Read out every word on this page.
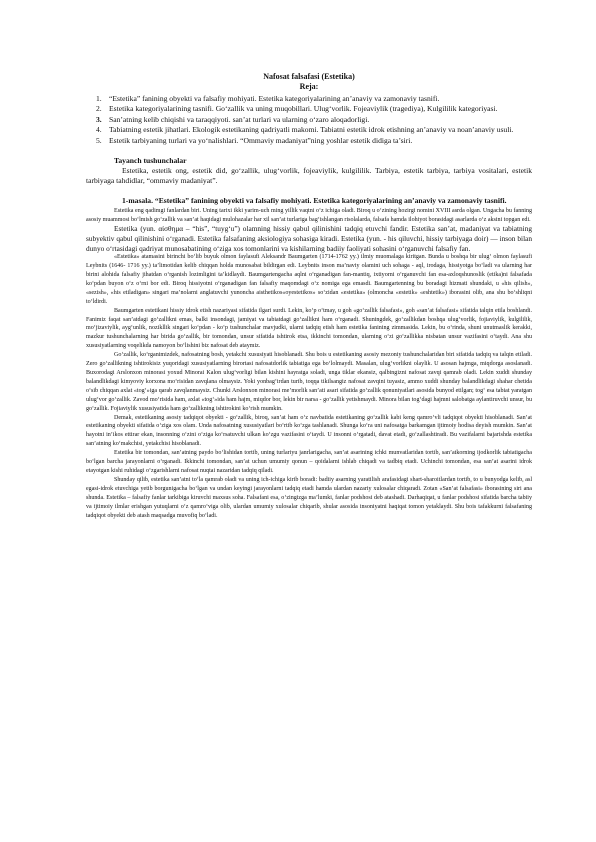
Nafosat falsafasi (Estetika)

Reja:

1. “Estetika” fanining obyekti va falsafiy mohiyati. Estetika kategoriyalarining an’anaviy va zamonaviy tasnifi.
2. Estetika kategoriyalarining tasnifi. Go‘zallik va uning muqobillari. Ulug‘vorlik. Fojeaviylik (tragediya), Kulgililik kategoriyasi.
3. San’atning kelib chiqishi va taraqqiyoti. san’at turlari va ularning o‘zaro aloqadorligi.
4. Tabiatning estetik jihatlari. Ekologik estetikaning qadriyatli makomi. Tabiatni estetik idrok etishning an’anaviy va noan’anaviy usuli.
5. Estetik tarbiyaning turlari va yo‘nalishlari. “Ommaviy madaniyat”ning yoshlar estetik didiga ta’siri.

Tayanch tushunchalar

Estetika, estetik ong, estetik did, go‘zallik, ulug‘vorlik, fojeaviylik, kulgililik. Tarbiya, estetik tarbiya, tarbiya vositalari, estetik tarbiyaga tahdidlar, “ommaviy madaniyat”.

1-masala. “Estetika” fanining obyekti va falsafiy mohiyati. Estetika kategoriyalarining an’anaviy va zamonaviy tasnifi.

Estetika eng qadimgi fanlardan biri. Uning tarixi ikki yarim-uch ming yillik vaqtni o‘z ichiga oladi. Biroq u o‘zining hozirgi nomini XVIII asrda olgan. Ungacha bu fanning asosiy muammosi bo‘lmish go‘zallik va san’at haqidagi mulohazalar har xil san’at turlariga bag‘ishlangan risolalarda, falsafa hamda ilohiyot borasidagi asarlarda o‘z aksini topgan edi.

Estetika (yun. αἰσθημα – “his”, “tuyg‘u”) olamning hissiy qabul qilinishini tadqiq etuvchi fandir. Estetika san’at, madaniyat va tabiatning subyektiv qabul qilinishini o‘rganadi. Estetika falsafaning aksiologiya sohasiga kiradi. Estetika (yun. - his qiluvchi, hissiy tarbiyaga doir) — inson bilan dunyo o‘rtasidagi qadriyat munosabatining o‘ziga xos tomonlarini va kishilarning badiiy faoliyati sohasini o‘rganuvchi falsafiy fan.

«Estetika» atamasini birinchi bo‘lib buyuk olmon faylasufi Aleksandr Baumgarten (1714-1762 yy.) ilmiy muomalaga kiritgan. Bunda u boshqa bir ulug‘ olmon faylasufi Leybnits (1646- 1716 yy.) ta’limotidan kelib chiqqan holda munosabat bildirgan edi. Leybnits inson ma’naviy olamini uch sohaga - aql, irodaga, hissiyotga bo‘ladi va ularning har birini alohida falsafiy jihatdan o‘rganish lozimligini ta’kidlaydi. Baumgartengacha aqlni o‘rganadigan fan-mantiq, ixtiyorni o‘rganuvchi fan esa-axloqshunoslik (etika)ni falsafada ko‘pdan buyon o‘z o‘rni bor edi. Biroq hissiyotni o‘rganadigan fan falsafiy maqomdagi o‘z nomiga ega emasdi. Baumgartenning bu boradagi hizmati shundaki, u «his qilish», «sezish», «his etiladigan» singari ma’nolarni anglatuvchi yunoncha aisthetikos«oyestetikos» so‘zidan «estetika» (olmoncha «estetik» «eshtetik») iborasini olib, ana shu bo‘shliqni to‘ldirdi.

Baumgarten estetikani hissiy idrok etish nazariyasi sifatida ilgari surdi. Lekin, ko‘p o‘tmay, u goh «go‘zallik falsafasi», goh «san’at falsafasi» sifatida talqin etila boshlandi. Fanimiz faqat san’atdagi go‘zallikni emas, balki insondagi, jamiyat va tabiatdagi go‘zallikni ham o‘rganadi. Shuningdek, go‘zallikdan boshqa ulug‘vorlik, fojiaviylik, kulgililik, mo‘jizaviylik, ayg‘unlik, nozikllik singari ko‘pdan - ko‘p tushunchalar mavjudki, ularni tadqiq etish ham estetika fanining zimmasida. Lekin, bu o‘rinda, shuni unutmaslik kerakki, mazkur tushunchalarning har birida go‘zallik, bir tomondan, unsur sifatida ishtirok etsa, ikkinchi tomondan, ularning o‘zi go‘zallikka nisbatan unsur vazifasini o‘taydi. Ana shu xususiyatlarning voqelikda namoyon bo‘lishini biz nafosat deb ataymiz.

Go‘zallik, ko‘rganimizdek, nafosatning bosh, yetakchi xususiyati hisoblanadi. Shu bois u estetikaning asosiy mezoniy tushunchalaridan biri sifatida tadqiq va talqin etiladi. Zero go‘zallikning ishtirokisiz yuqoridagi xususiyatlarning birortasi nafosatdorlik tabiatiga ega bo‘lolmaydi. Masalan, ulug‘vorlikni olaylik. U asosan hajmga, miqdorga asoslanadi. Buxorodagi Arslonxon minorasi yoxud Minorai Kalon ulug‘vorligi bilan kishini hayratga soladi, unga tiklar ekansiz, qalbingizni nafosat zavqi qamrab oladi. Lekin xuddi shunday balandlikdagi kimyoviy korxona mo‘risidan zavqlana olmaysiz. Yoki yonbag‘irdan turib, toqqa tikilsangiz nafosat zavqini tuyasiz, ammo xuddi shunday balandlikdagi shahar chetida o‘sib chiqqan axlat «tog‘»iga qarab zavqlanmaysiz. Chunki Arslonxon minorasi me’morlik san’ati asari sifatida go‘zallik qonuniyatlari asosida bunyod etilgan; tog‘ esa tabiat yaratgan ulug‘vor go‘zallik. Zavod mo‘risida ham, axlat «tog‘»ida ham hajm, miqdor bor, lekin bir narsa - go‘zallik yetishmaydi. Minora bilan tog‘dagi hajmni salobatga aylantiruvchi unsur, bu go‘zallik. Fojiaviylik xususiyatida ham go‘zallikning ishtirokini ko‘rish mumkin.

Demak, estetikaning asosiy tadqiqot obyekti - go‘zallik, biroq, san’at ham o‘z navbatida estetikaning go‘zallik kabi keng qamro‘vli tadqiqot obyekti hisoblanadi. San’at estetikaning obyekti sifatida o‘ziga xos olam. Unda nafosatning xususiyatlari bo‘rtib ko‘zga tashlanadi. Shunga ko‘ra uni nafosatga barkamgan ijtimoiy hodisa deyish mumkin. San’at hayotni in’ikos ettirar ekan, insonning o‘zini o‘ziga ko‘rsatuvchi ulkan ko‘zgu vazifasini o‘taydi. U insonni o‘rgatadi, davat etadi, go‘zallashtiradi. Bu vazifalarni bajarishda estetika san’atning ko‘makchisi, yetakchisi hisoblanadi.

Estetika bir tomondan, san’atning paydo bo‘lishidan tortib, uning turlariyu janrlarigacha, san’at asarining ichki munvatlaridan tortib, san’atkorning ijodkorlik tabiatigacha bo‘lgan barcha jarayonlarni o‘rganadi. Ikkinchi tomondan, san’at uchun umumiy qonun – qoidalarni ishlab chiqadi va tadbiq etadi. Uchinchi tomondan, esa san’at asarini idrok etayotgan kishi ruhidagi o‘zgarishlarni nafosat nuqtai nazaridan tadqiq qiladi.

Shunday qilib, estetika san’atni to‘la qamrab oladi va uning ich-ichiga kirib boradi: badiiy asarning yaratilish arafasidagi shart-sharoitlardan tortib, to u bunyodga kelib, asl egasi-idrok etuvchiga yetib borgunigacha bo‘lgan va undan keyingi jarayonlarni tadqiq etadi hamda ulardan nazariy xulosalar chiqaradi. Zotan «San’at falsafasi» iborasining siri ana shunda. Estetika – falsafiy fanlar tarkibiga kiruvchi maxsus soha. Falsafani esa, o‘zingizga ma’lumki, fanlar podshosi deb atashadi. Darhaqiqat, u fanlar podshosi sifatida barcha tabiiy va ijtimoiy ilmlar erishgan yutuqlarni o‘z qamro‘viga olib, ulardan umumiy xulosalar chiqarib, shular asosida insoniyatni haqiqat tomon yetaklaydi. Shu bois tafakkurni falsafaning tadqiqot obyekti deb atash maqsadga muvofiq bo‘ladi.
